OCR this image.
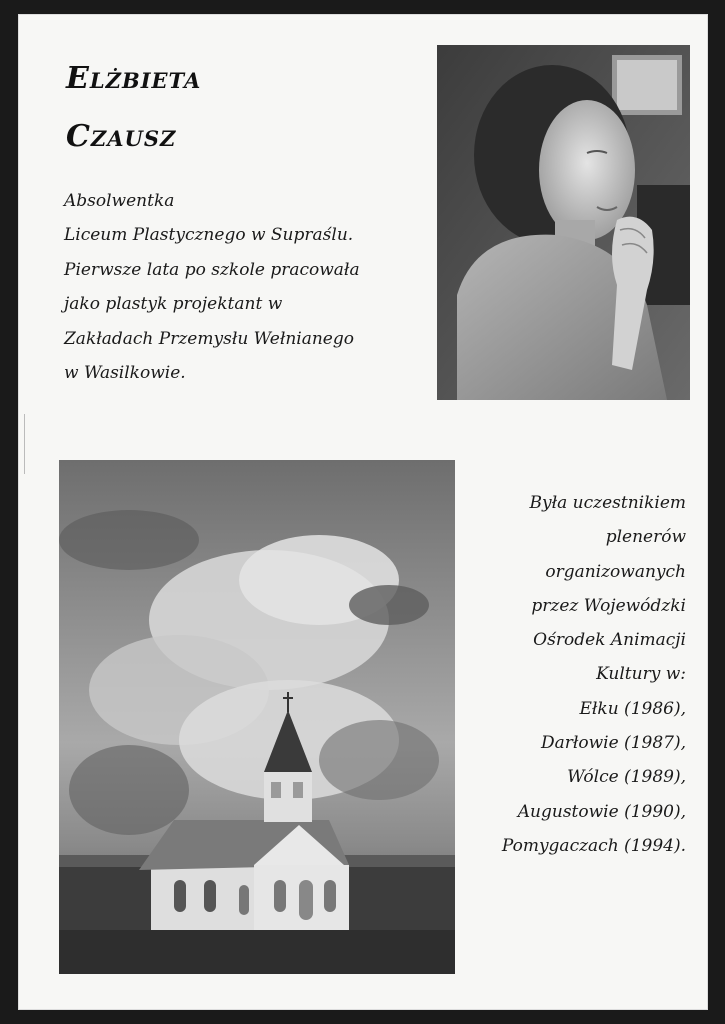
Elżbieta
Czausz

Absolwentka
Liceum Plastycznego w Supraślu.
Pierwsze lata po szkole pracowała
jako plastyk projektant w
Zakładach Przemysłu Wełnianego
w Wasilkowie.

Była uczestnikiem
plenerów
organizowanych
przez Wojewódzki
Ośrodek Animacji
Kultury w:
Ełku (1986),
Darłowie (1987),
Wólce (1989),
Augustowie (1990),
Pomygaczach (1994).
